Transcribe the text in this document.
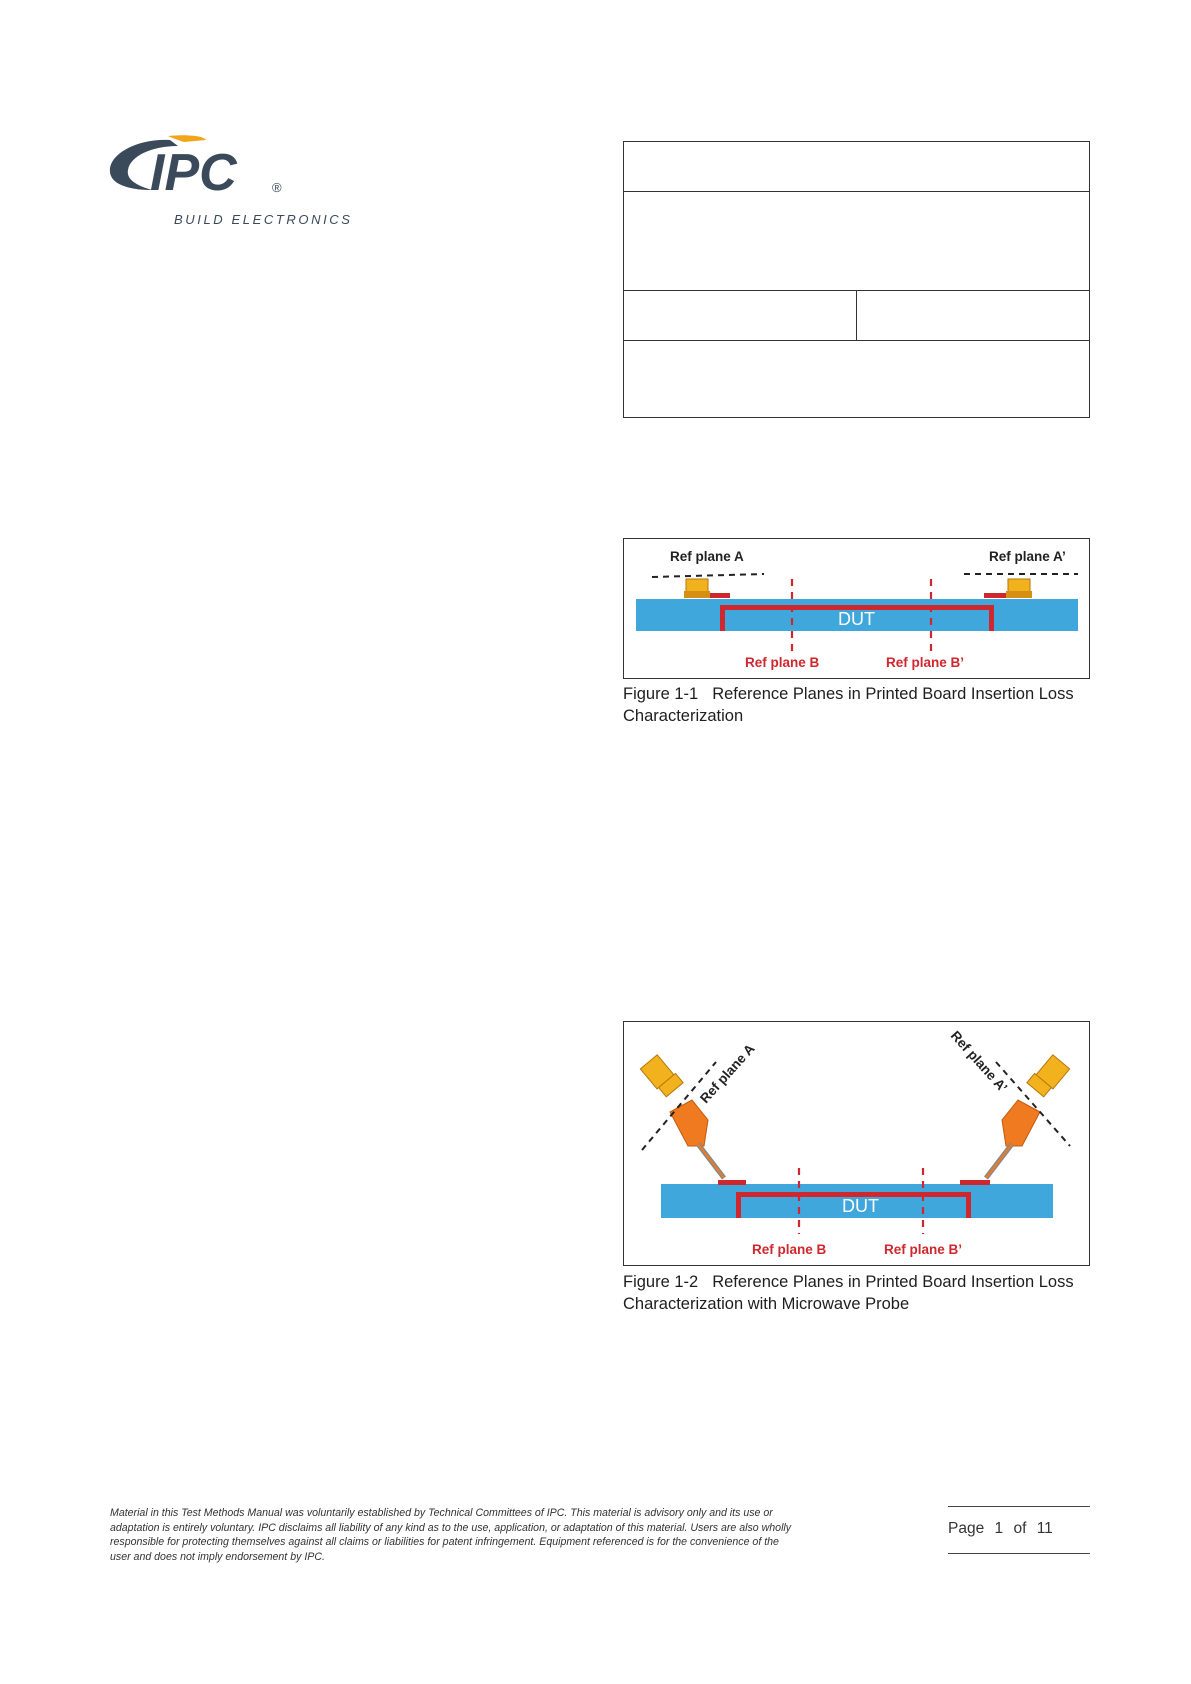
IPC	®
BUILD ELECTRONICS
Ref plane A	Ref plane A’
DUT
Ref plane B	Ref plane B’
Figure 1-1 Reference Planes in Printed Board Insertion Loss Characterization
Ref plane A	Ref plane A’
DUT
Ref plane B	Ref plane B’
Figure 1-2 Reference Planes in Printed Board Insertion Loss Characterization with Microwave Probe
Material in this Test Methods Manual was voluntarily established by Technical Committees of IPC. This material is advisory only and its use or adaptation is entirely voluntary. IPC disclaims all liability of any kind as to the use, application, or adaptation of this material. Users are also wholly responsible for protecting themselves against all claims or liabilities for patent infringement. Equipment referenced is for the convenience of the user and does not imply endorsement by IPC.
Page 1 of 11
